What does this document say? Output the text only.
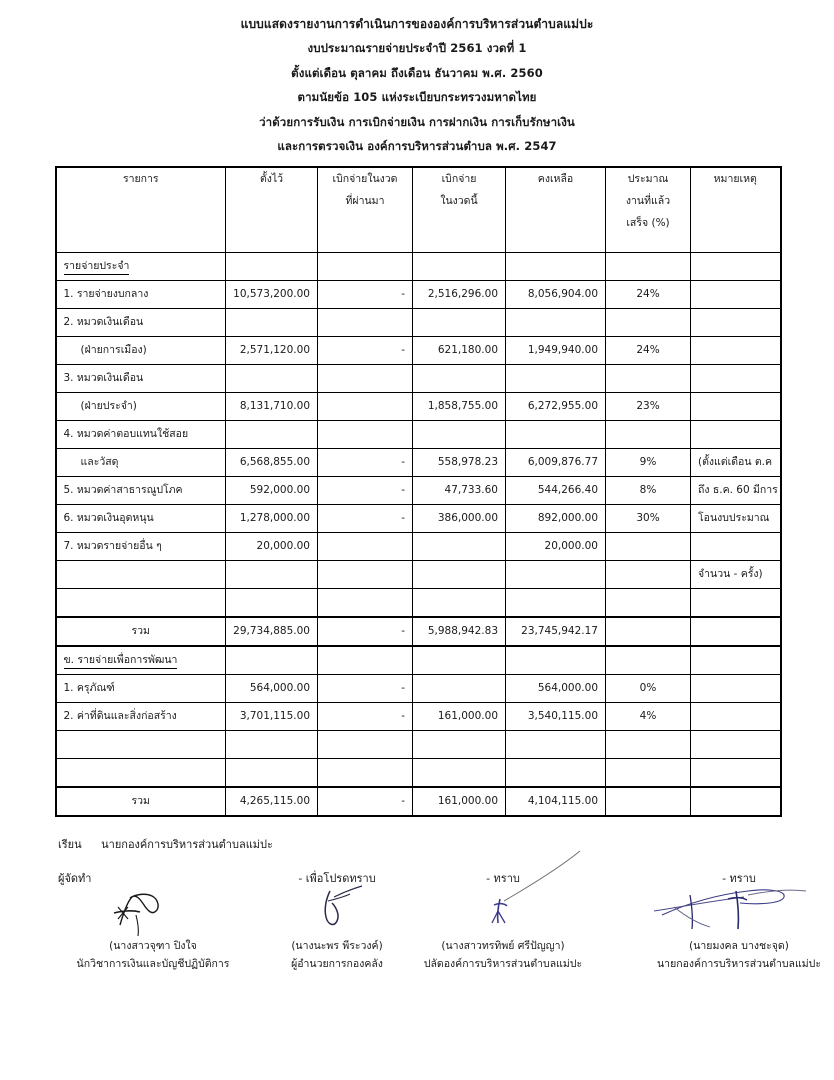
แบบแสดงรายงานการดำเนินการขององค์การบริหารส่วนตำบลแม่ปะ

งบประมาณรายจ่ายประจำปี 2561 งวดที่ 1

ตั้งแต่เดือน ตุลาคม ถึงเดือน ธันวาคม พ.ศ. 2560

ตามนัยข้อ 105 แห่งระเบียบกระทรวงมหาดไทย

ว่าด้วยการรับเงิน การเบิกจ่ายเงิน การฝากเงิน การเก็บรักษาเงิน

และการตรวจเงิน องค์การบริหารส่วนตำบล พ.ศ. 2547

รายการ	ตั้งไว้	เบิกจ่ายในงวด
ที่ผ่านมา	เบิกจ่าย
ในงวดนี้	คงเหลือ	ประมาณ
งานที่แล้ว
เสร็จ (%)	หมายเหตุ

รายจ่ายประจำ						

1. รายจ่ายงบกลาง	10,573,200.00	-	2,516,296.00	8,056,904.00	24%	

2. หมวดเงินเดือน						

(ฝ่ายการเมือง)	2,571,120.00	-	621,180.00	1,949,940.00	24%	

3. หมวดเงินเดือน						

(ฝ่ายประจำ)	8,131,710.00		1,858,755.00	6,272,955.00	23%	

4. หมวดค่าตอบแทนใช้สอย						

และวัสดุ	6,568,855.00	-	558,978.23	6,009,876.77	9%	(ตั้งแต่เดือน ต.ค

5. หมวดค่าสาธารณูปโภค	592,000.00	-	47,733.60	544,266.40	8%	ถึง ธ.ค. 60 มีการ

6. หมวดเงินอุดหนุน	1,278,000.00	-	386,000.00	892,000.00	30%	โอนงบประมาณ

7. หมวดรายจ่ายอื่น ๆ	20,000.00			20,000.00		

						จำนวน - ครั้ง)

รวม	29,734,885.00	-	5,988,942.83	23,745,942.17		

ข. รายจ่ายเพื่อการพัฒนา						

1. ครุภัณฑ์	564,000.00	-		564,000.00	0%	

2. ค่าที่ดินและสิ่งก่อสร้าง	3,701,115.00	-	161,000.00	3,540,115.00	4%	

รวม	4,265,115.00	-	161,000.00	4,104,115.00		

เรียน นายกองค์การบริหารส่วนตำบลแม่ปะ

ผู้จัดทำ
(นางสาวจุฑา ปิงใจ
นักวิชาการเงินและบัญชีปฏิบัติการ
- เพื่อโปรดทราบ
(นางนะพร พีระวงค์)
ผู้อำนวยการกองคลัง
- ทราบ
(นางสาวทรทิพย์ ศรีปัญญา)
ปลัดองค์การบริหารส่วนตำบลแม่ปะ
- ทราบ
(นายมงคล บางชะจุด)
นายกองค์การบริหารส่วนตำบลแม่ปะ
